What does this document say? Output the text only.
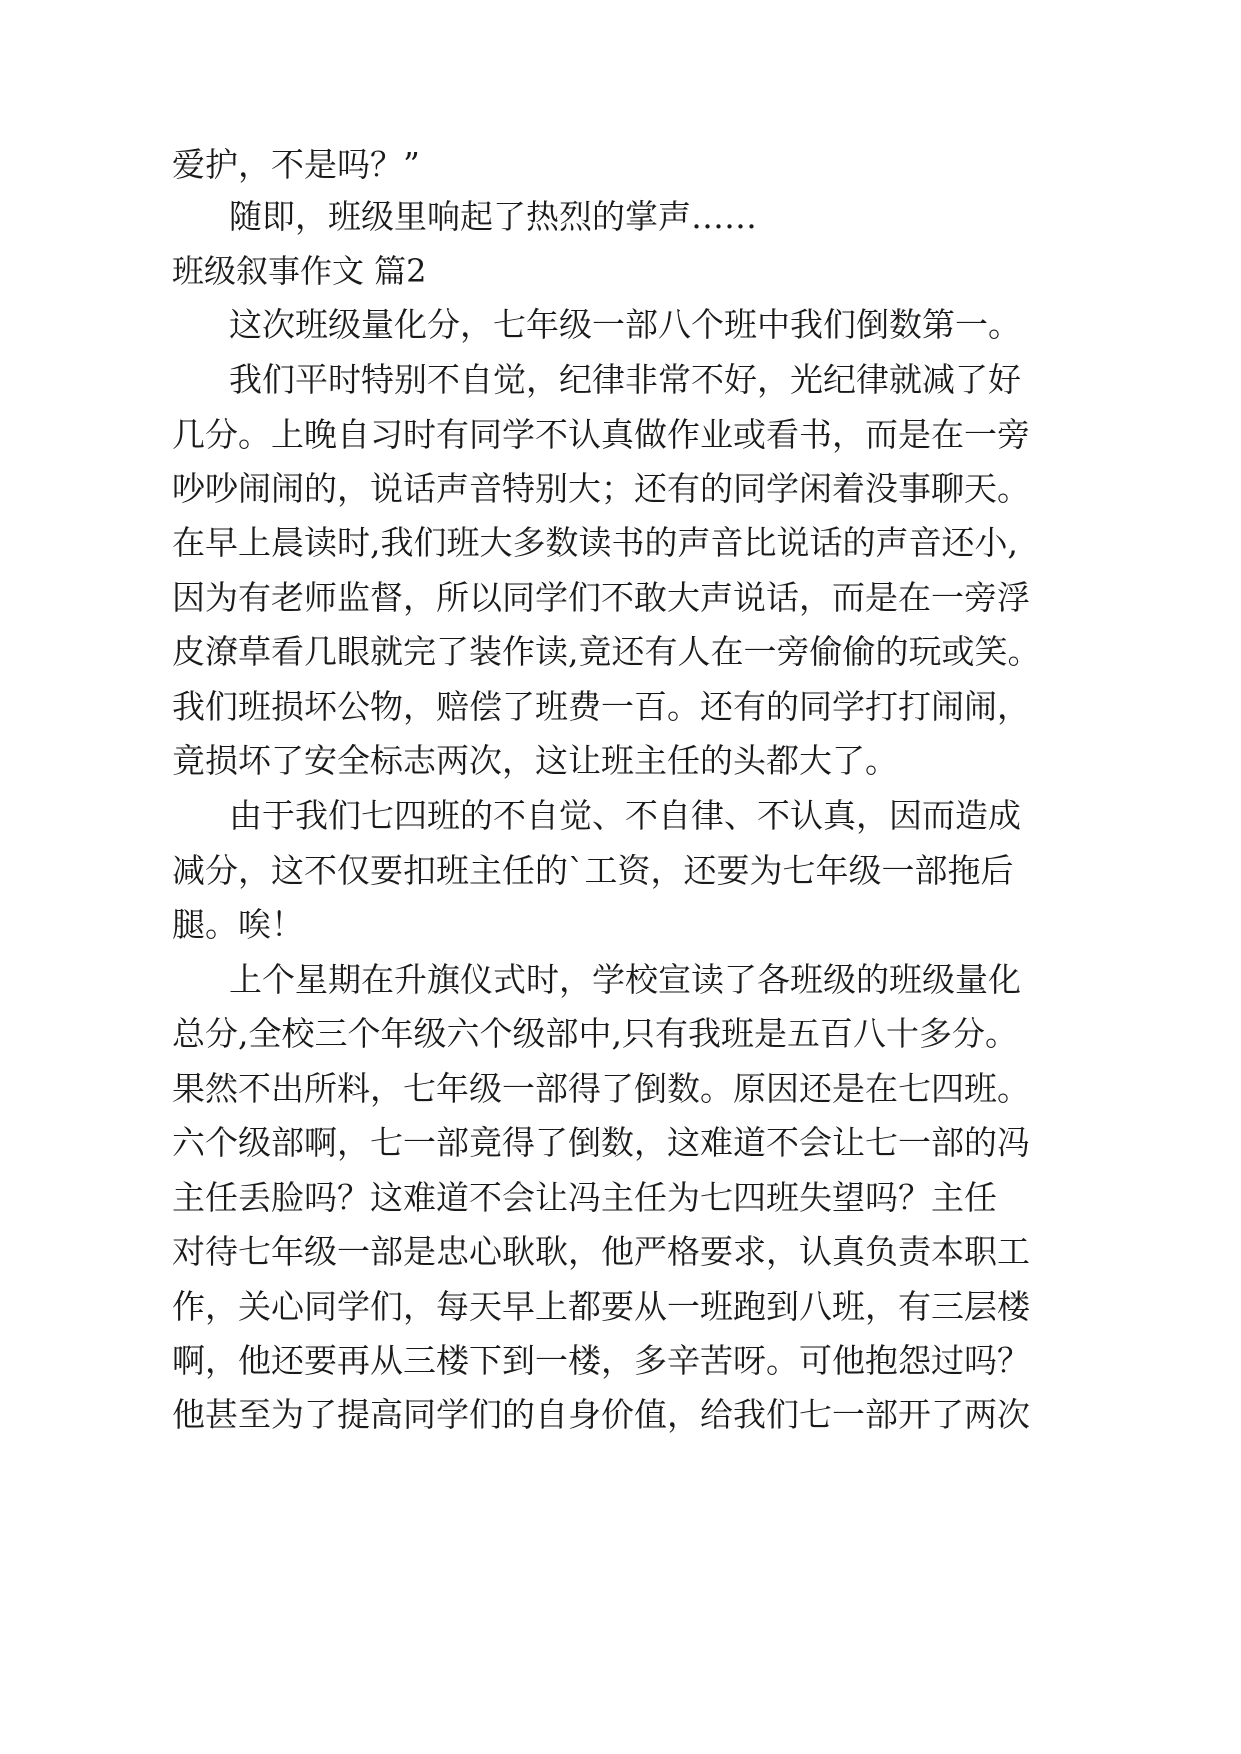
爱护，不是吗？”
随即，班级里响起了热烈的掌声……
班级叙事作文 篇2
这次班级量化分，七年级一部八个班中我们倒数第一。
我们平时特别不自觉，纪律非常不好，光纪律就减了好
几分。上晚自习时有同学不认真做作业或看书，而是在一旁
吵吵闹闹的，说话声音特别大；还有的同学闲着没事聊天。
在早上晨读时,我们班大多数读书的声音比说话的声音还小,
因为有老师监督，所以同学们不敢大声说话，而是在一旁浮
皮潦草看几眼就完了装作读,竟还有人在一旁偷偷的玩或笑。
我们班损坏公物，赔偿了班费一百。还有的同学打打闹闹，
竟损坏了安全标志两次，这让班主任的头都大了。
由于我们七四班的不自觉、不自律、不认真，因而造成
减分，这不仅要扣班主任的`工资，还要为七年级一部拖后
腿。唉！
上个星期在升旗仪式时，学校宣读了各班级的班级量化
总分,全校三个年级六个级部中,只有我班是五百八十多分。
果然不出所料，七年级一部得了倒数。原因还是在七四班。
六个级部啊，七一部竟得了倒数，这难道不会让七一部的冯
主任丢脸吗？这难道不会让冯主任为七四班失望吗？主任
对待七年级一部是忠心耿耿，他严格要求，认真负责本职工
作，关心同学们，每天早上都要从一班跑到八班，有三层楼
啊，他还要再从三楼下到一楼，多辛苦呀。可他抱怨过吗？
他甚至为了提高同学们的自身价值，给我们七一部开了两次
